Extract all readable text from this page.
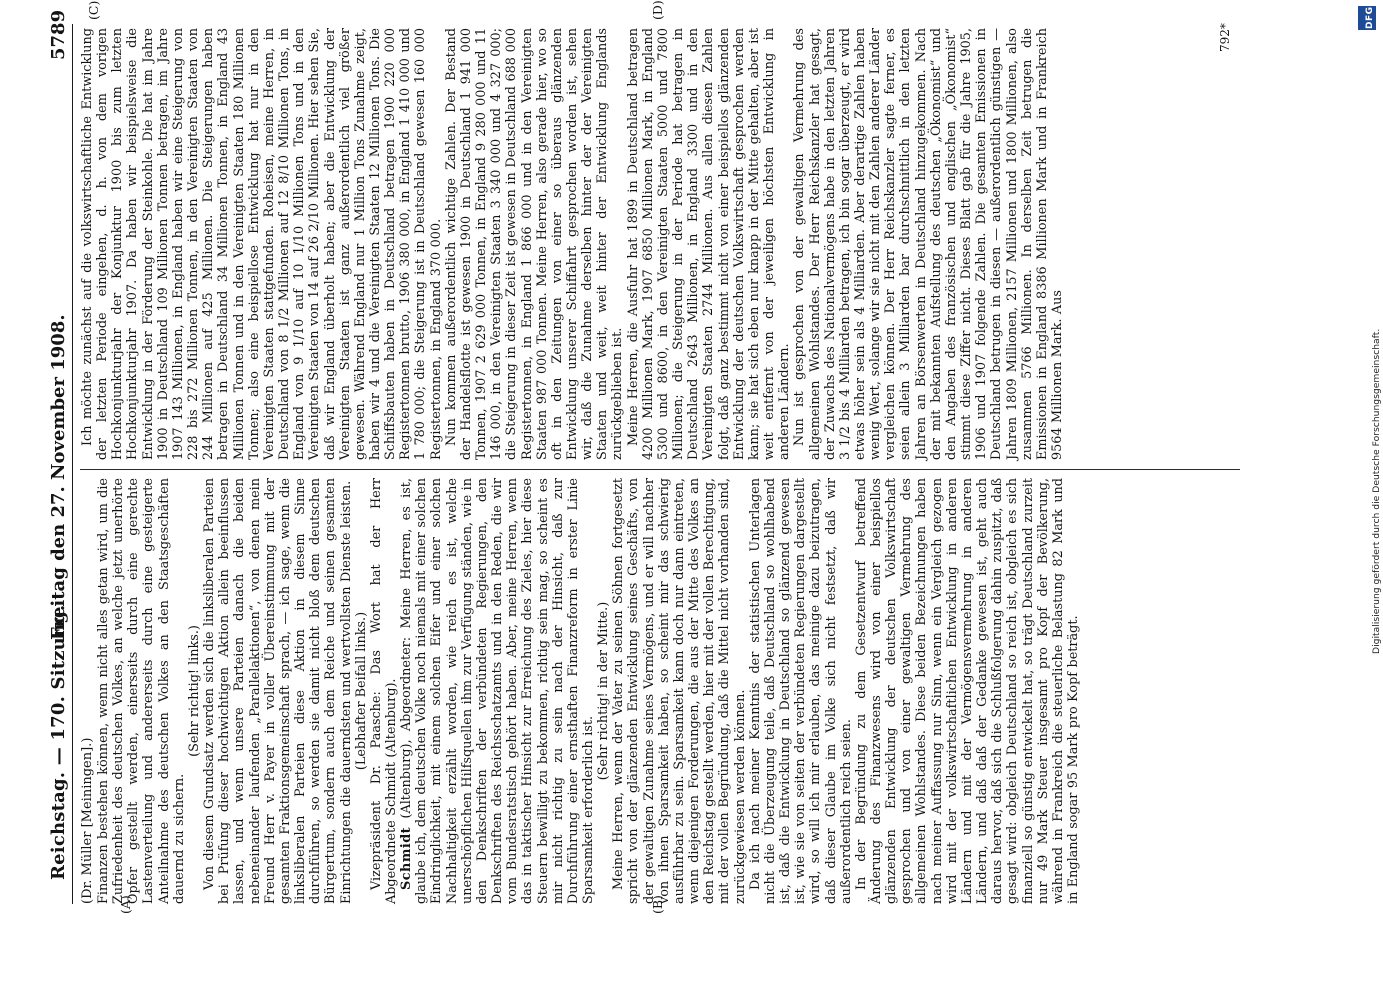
Reichstag. — 170. Sitzung.
Freitag den 27. November 1908.
5789
(A)	(B)
(C)	(D)
(Dr. Müller [Meiningen].) Finanzen bestehen können, wenn nicht alles getan wird, um die Zufriedenheit des deutschen Volkes, an welche jetzt unerhörte Opfer gestellt werden, einerseits durch eine gerechte Lastenverteilung und andererseits durch eine gesteigerte Anteilnahme des deutschen Volkes an den Staatsgeschäften dauernd zu sichern.

(Sehr richtig! links.) Von diesem Grundsatz werden sich die linksliberalen Parteien bei Prüfung dieser hochwichtigen Aktion allein beeinflussen lassen, und wenn unsere Parteien danach die beiden nebeneinander laufenden „Parallelaktionen“, von denen mein Freund Herr v. Payer in voller Übereinstimmung mit der gesamten Fraktionsgemeinschaft sprach, — ich sage, wenn die linksliberalen Parteien diese Aktion in diesem Sinne durchführen, so werden sie damit nicht bloß dem deutschen Bürgertum, sondern auch dem Reiche und seinen gesamten Einrichtungen die dauerndsten und wertvollsten Dienste leisten. (Lebhafter Beifall links.) Vizepräsident Dr. Paasche: Das Wort hat der Herr Abgeordnete Schmidt (Altenburg). Schmidt (Altenburg), Abgeordneter: Meine Herren, es ist, glaube ich, dem deutschen Volke noch niemals mit einer solchen Eindringlichkeit, mit einem solchen Eifer und einer solchen Nachhaltigkeit erzählt worden, wie reich es ist, welche unerschöpflichen Hilfsquellen ihm zur Verfügung ständen, wie in den Denkschriften der verbündeten Regierungen, den Denkschriften des Reichsschatzamts und in den Reden, die wir vom Bundesratstisch gehört haben. Aber, meine Herren, wenn das in taktischer Hinsicht zur Erreichung des Zieles, hier diese Steuern bewilligt zu bekommen, richtig sein mag, so scheint es mir nicht richtig zu sein nach der Hinsicht, daß zur Durchführung einer ernsthaften Finanzreform in erster Linie Sparsamkeit erforderlich ist.

(Sehr richtig! in der Mitte.) Meine Herren, wenn der Vater zu seinen Söhnen fortgesetzt spricht von der glänzenden Entwicklung seines Geschäfts, von der gewaltigen Zunahme seines Vermögens, und er will nachher von ihnen Sparsamkeit haben, so scheint mir das schwierig ausführbar zu sein. Sparsamkeit kann doch nur dann eintreten, wenn diejenigen Forderungen, die aus der Mitte des Volkes an den Reichstag gestellt werden, hier mit der vollen Berechtigung, mit der vollen Begründung, daß die Mittel nicht vorhanden sind, zurückgewiesen werden können. Da ich nach meiner Kenntnis der statistischen Unterlagen nicht die Überzeugung teile, daß Deutschland so wohlhabend ist, daß die Entwicklung in Deutschland so glänzend gewesen ist, wie sie von seiten der verbündeten Regierungen dargestellt wird, so will ich mir erlauben, das meinige dazu beizutragen, daß dieser Glaube im Volke sich nicht festsetzt, daß wir außerordentlich reich seien. In der Begründung zu dem Gesetzentwurf betreffend Änderung des Finanzwesens wird von einer beispiellos glänzenden Entwicklung der deutschen Volkswirtschaft gesprochen und von einer gewaltigen Vermehrung des allgemeinen Wohlstandes. Diese beiden Bezeichnungen haben nach meiner Auffassung nur Sinn, wenn ein Vergleich gezogen wird mit der volkswirtschaftlichen Entwicklung in anderen Ländern und mit der Vermögensvermehrung in anderen Ländern, und daß daß der Gedanke gewesen ist, geht auch daraus hervor, daß sich die Schlußfolgerung dahin zuspitzt, daß gesagt wird: obgleich Deutschland so reich ist, obgleich es sich finanziell so günstig entwickelt hat, so trägt Deutschland zurzeit nur 49 Mark Steuer insgesamt pro Kopf der Bevölkerung, während in Frankreich die steuerliche Belastung 82 Mark und in England sogar 95 Mark pro Kopf beträgt.

Ich möchte zunächst auf die volkswirtschaftliche Entwicklung der letzten Periode eingehen, d. h. von dem vorigen Hochkonjunkturjahr der Konjunktur 1900 bis zum letzten Hochkonjunkturjahr 1907. Da haben wir beispielsweise die Entwicklung in der Förderung der Steinkohle. Die hat im Jahre 1900 in Deutschland 109 Millionen Tonnen betragen, im Jahre 1907 143 Millionen, in England haben wir eine Steigerung von 228 bis 272 Millionen Tonnen, in den Vereinigten Staaten von 244 Millionen auf 425 Millionen. Die Steigerungen haben betragen in Deutschland 34 Millionen Tonnen, in England 43 Millionen Tonnen und in den Vereinigten Staaten 180 Millionen Tonnen; also eine beispiellose Entwicklung hat nur in den Vereinigten Staaten stattgefunden. Roheisen, meine Herren, in Deutschland von 8 1/2 Millionen auf 12 8/10 Millionen Tons, in England von 9 1/10 auf 10 1/10 Millionen Tons und in den Vereinigten Staaten von 14 auf 26 2/10 Millionen. Hier sehen Sie, daß wir England überholt haben; aber die Entwicklung der Vereinigten Staaten ist ganz außerordentlich viel größer gewesen. Während England nur 1 Million Tons Zunahme zeigt, haben wir 4 und die Vereinigten Staaten 12 Millionen Tons. Die Schiffsbauten haben in Deutschland betragen 1900 220 000 Registertonnen brutto, 1906 380 000, in England 1 410 000 und 1 780 000; die Steigerung ist in Deutschland gewesen 160 000 Registertonnen, in England 370 000. Nun kommen außerordentlich wichtige Zahlen. Der Bestand der Handelsflotte ist gewesen 1900 in Deutschland 1 941 000 Tonnen, 1907 2 629 000 Tonnen, in England 9 280 000 und 11 146 000, in den Vereinigten Staaten 3 340 000 und 4 327 000; die Steigerung in dieser Zeit ist gewesen in Deutschland 688 000 Registertonnen, in England 1 866 000 und in den Vereinigten Staaten 987 000 Tonnen. Meine Herren, also gerade hier, wo so oft in den Zeitungen von einer so überaus glänzenden Entwicklung unserer Schiffahrt gesprochen worden ist, sehen wir, daß die Zunahme derselben hinter der der Vereinigten Staaten und weit, weit hinter der Entwicklung Englands zurückgeblieben ist. Meine Herren, die Ausfuhr hat 1899 in Deutschland betragen 4200 Millionen Mark, 1907 6850 Millionen Mark, in England 5300 und 8600, in den Vereinigten Staaten 5000 und 7800 Millionen; die Steigerung in der Periode hat betragen in Deutschland 2643 Millionen, in England 3300 und in den Vereinigten Staaten 2744 Millionen. Aus allen diesen Zahlen folgt, daß ganz bestimmt nicht von einer beispiellos glänzenden Entwicklung der deutschen Volkswirtschaft gesprochen werden kann; sie hat sich eben nur knapp in der Mitte gehalten, aber ist weit entfernt von der jeweiligen höchsten Entwicklung in anderen Ländern. Nun ist gesprochen von der gewaltigen Vermehrung des allgemeinen Wohlstandes. Der Herr Reichskanzler hat gesagt, der Zuwachs des Nationalvermögens habe in den letzten Jahren 3 1/2 bis 4 Milliarden betragen, ich bin sogar überzeugt, er wird etwas höher sein als 4 Milliarden. Aber derartige Zahlen haben wenig Wert, solange wir sie nicht mit den Zahlen anderer Länder vergleichen können. Der Herr Reichskanzler sagte ferner, es seien allein 3 Milliarden bar durchschnittlich in den letzten Jahren an Börsenwerten in Deutschland hinzugekommen. Nach der mit bekannten Aufstellung des deutschen „Ökonomist“ und den Angaben des französischen und englischen „Ökonomist“ stimmt diese Ziffer nicht. Dieses Blatt gab für die Jahre 1905, 1906 und 1907 folgende Zahlen. Die gesamten Emissionen in Deutschland betrugen in diesen — außerordentlich günstigen — Jahren 1809 Millionen, 2157 Millionen und 1800 Millionen, also zusammen 5766 Millionen. In derselben Zeit betrugen die Emissionen in England 8386 Millionen Mark und in Frankreich 9564 Millionen Mark. Aus

792*
DFG
Digitalisierung gefördert durch die Deutsche Forschungsgemeinschaft.
